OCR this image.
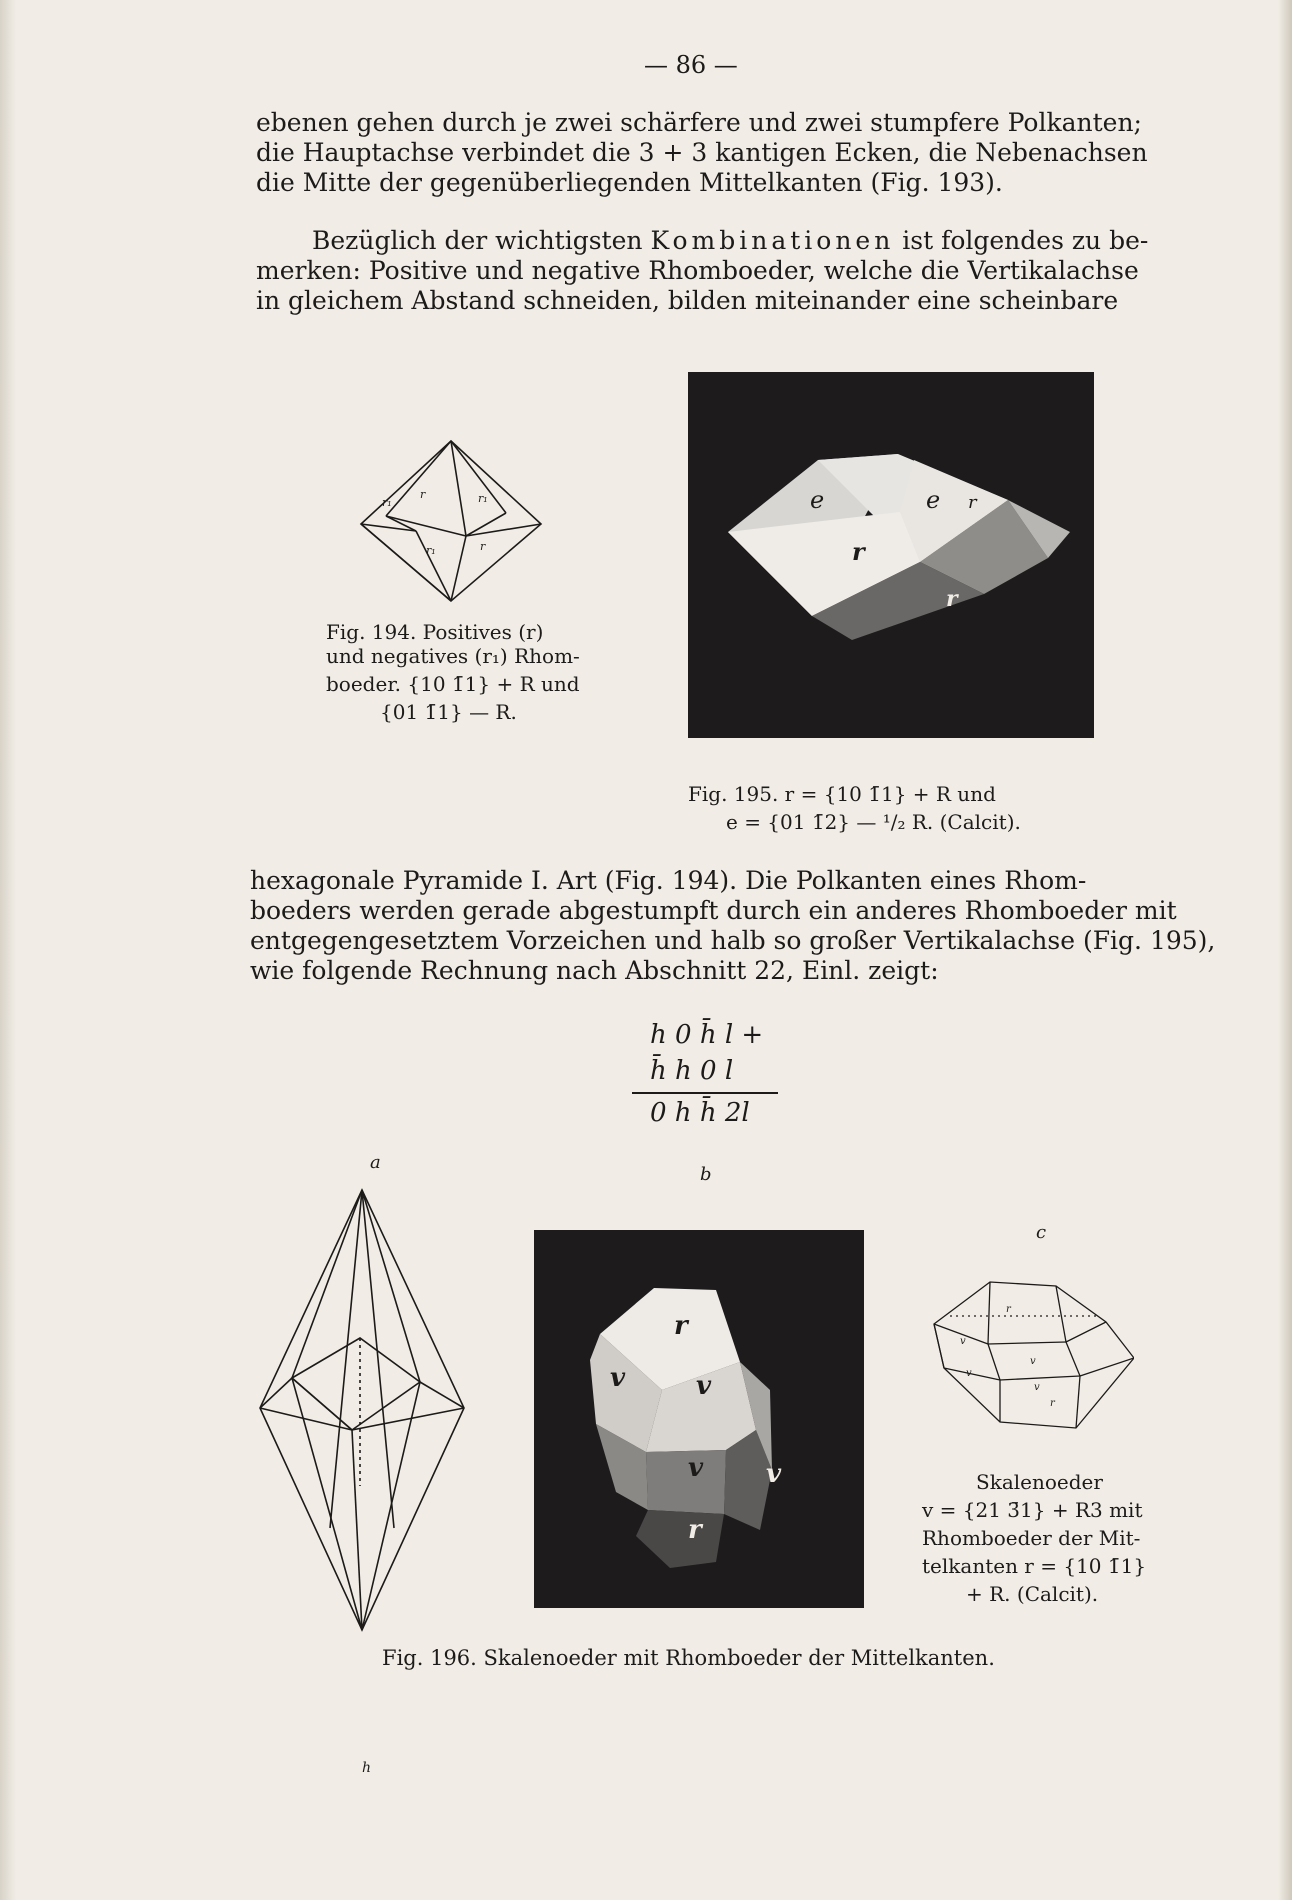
— 86 —
ebenen gehen durch je zwei schärfere und zwei stumpfere Polkanten;
die Hauptachse verbindet die 3 + 3 kantigen Ecken, die Nebenachsen
die Mitte der gegenüberliegenden Mittelkanten (Fig. 193).
Bezüglich der wichtigsten Kombinationen ist folgendes zu be-
merken: Positive und negative Rhomboeder, welche die Vertikalachse
in gleichem Abstand schneiden, bilden miteinander eine scheinbare
r
r₁	r₁
r
r₁
Fig. 194. Positives (r)
und negatives (r₁) Rhom-
boeder. {10 1̄1} + R und
{01 1̄1} — R.
e	e r
r
r
Fig. 195. r = {10 1̄1} + R und
e = {01 1̄2} — ¹/₂ R. (Calcit).
hexagonale Pyramide I. Art (Fig. 194). Die Polkanten eines Rhom-
boeders werden gerade abgestumpft durch ein anderes Rhomboeder mit
entgegengesetztem Vorzeichen und halb so großer Vertikalachse (Fig. 195),
wie folgende Rechnung nach Abschnitt 22, Einl. zeigt:
h 0 h̄ l +
h̄ h 0 l
0 h h̄ 2l
a
b
c
r
v	v
v v
r
r
v
v
v
v
r
Skalenoeder
v = {21 3̄1} + R3 mit
Rhomboeder der Mit-
telkanten r = {10 1̄1}
+ R. (Calcit).
Fig. 196. Skalenoeder mit Rhomboeder der Mittelkanten.
h
